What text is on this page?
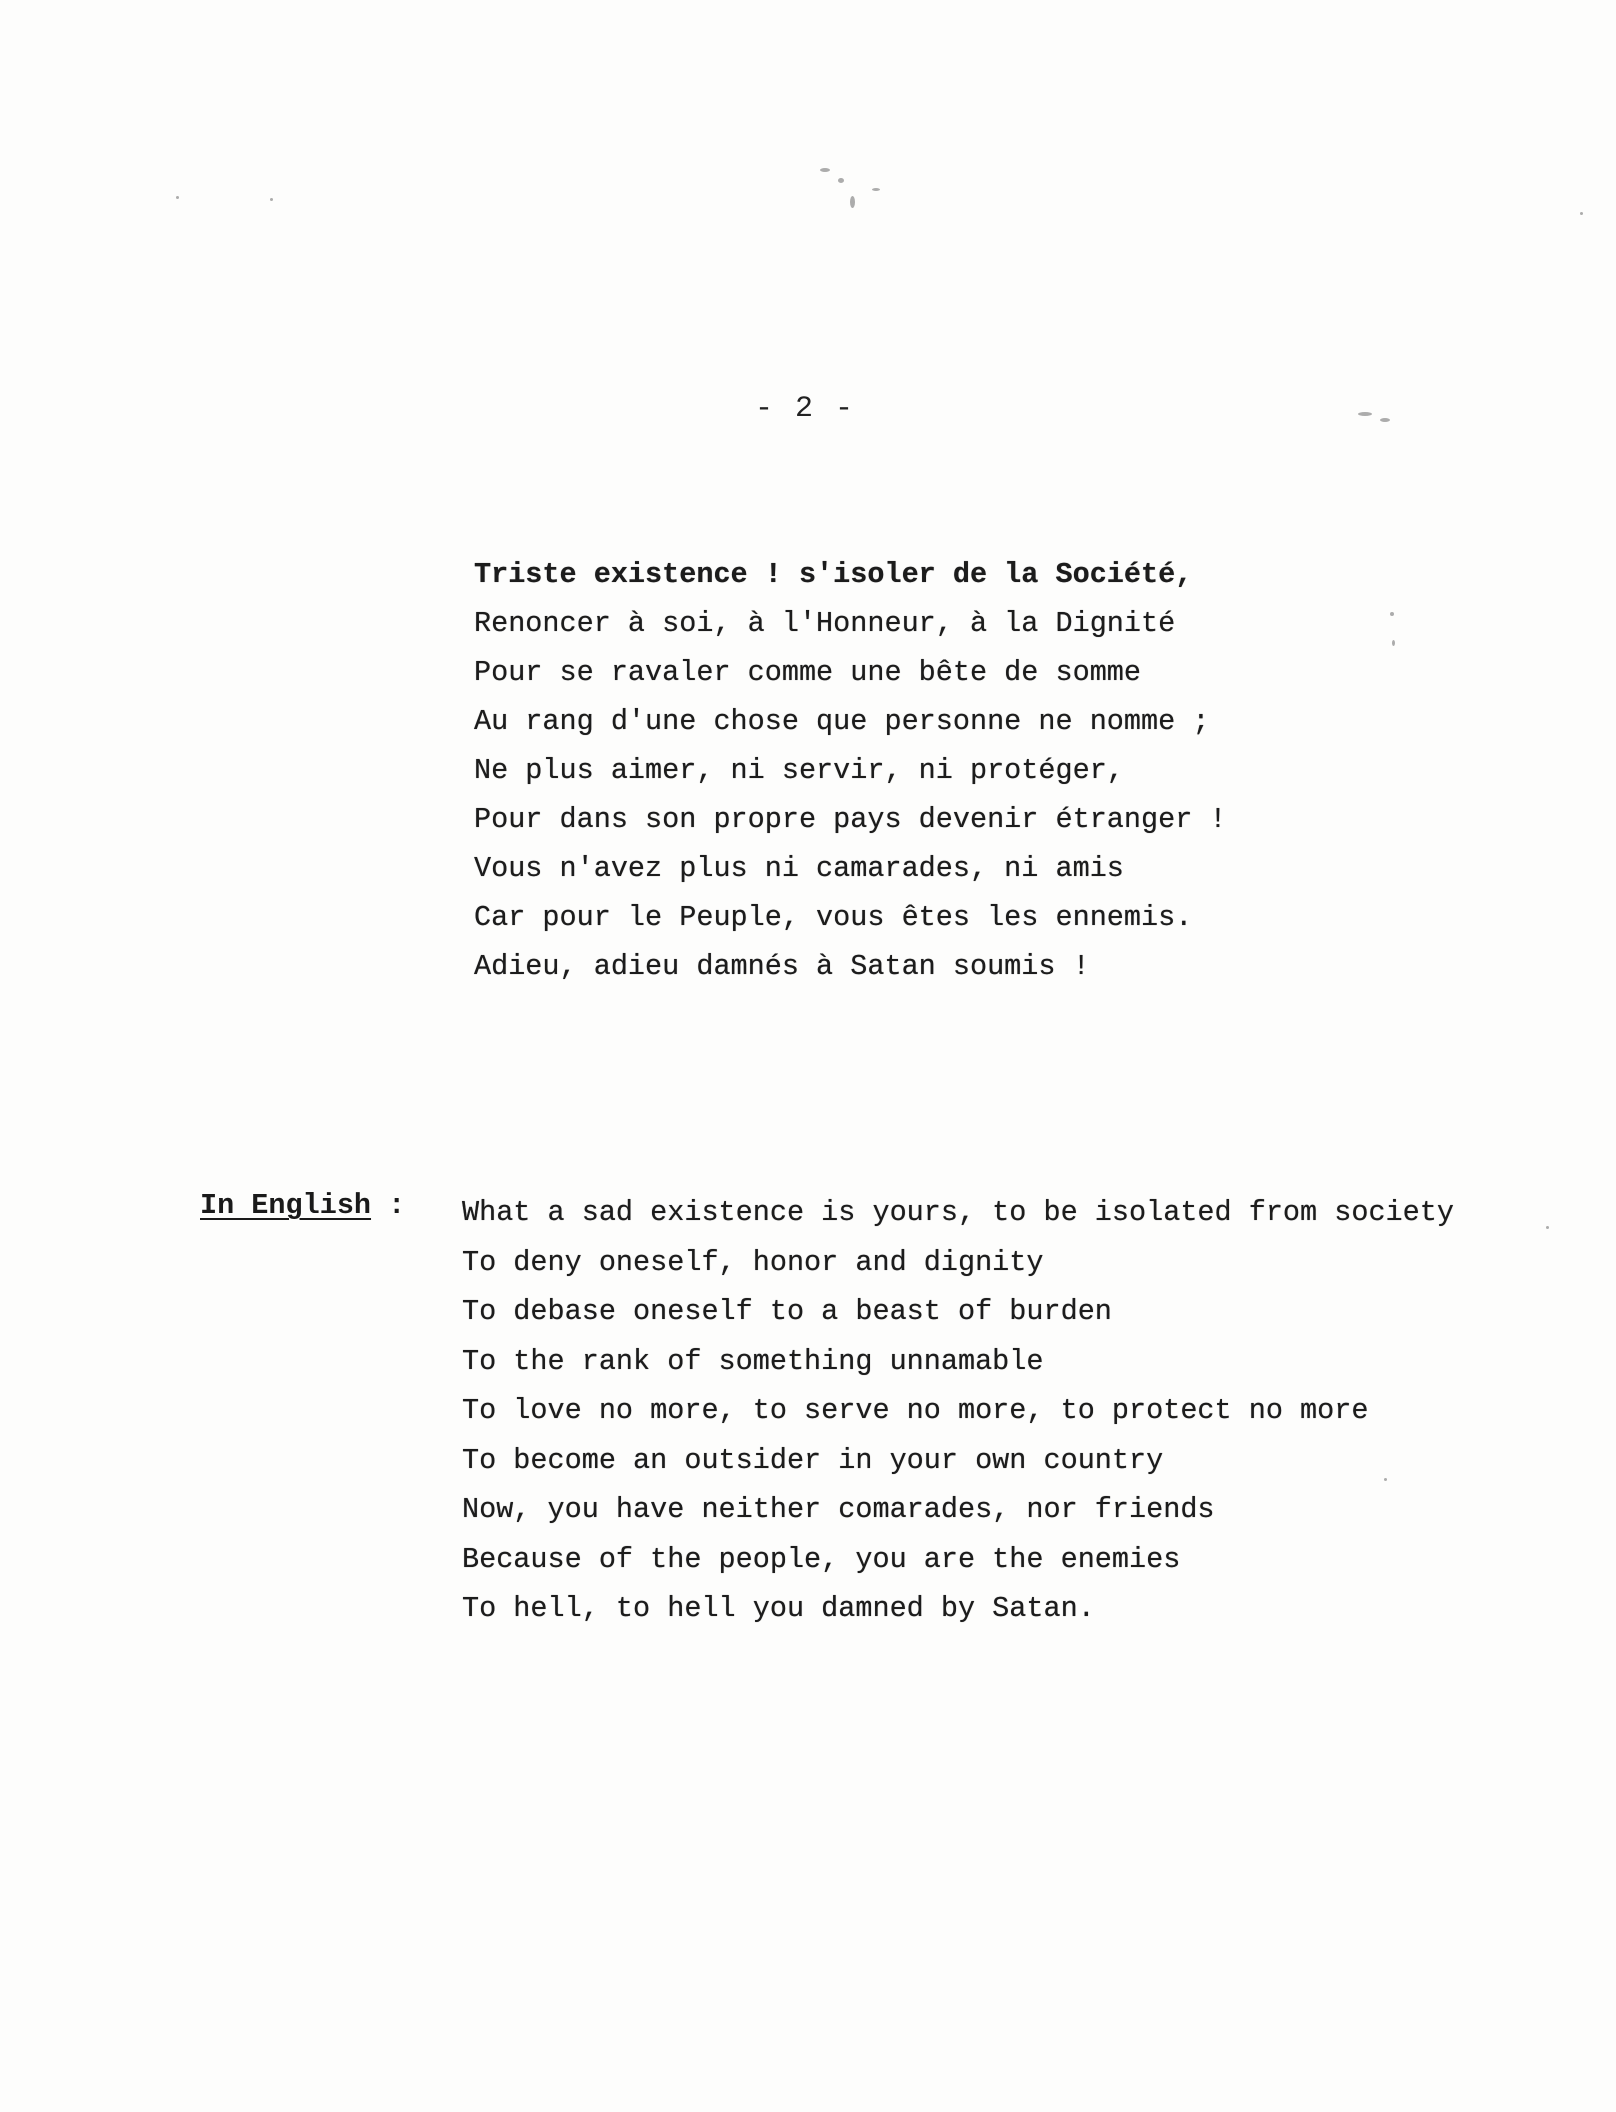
- 2 -
Triste existence ! s'isoler de la Société,
Renoncer à soi, à l'Honneur, à la Dignité
Pour se ravaler comme une bête de somme
Au rang d'une chose que personne ne nomme ;
Ne plus aimer, ni servir, ni protéger,
Pour dans son propre pays devenir étranger !
Vous n'avez plus ni camarades, ni amis
Car pour le Peuple, vous êtes les ennemis.
Adieu, adieu damnés à Satan soumis !
In English : What a sad existence is yours, to be isolated from society
To deny oneself, honor and dignity
To debase oneself to a beast of burden
To the rank of something unnamable
To love no more, to serve no more, to protect no more
To become an outsider in your own country
Now, you have neither comarades, nor friends
Because of the people, you are the enemies
To hell, to hell you damned by Satan.
